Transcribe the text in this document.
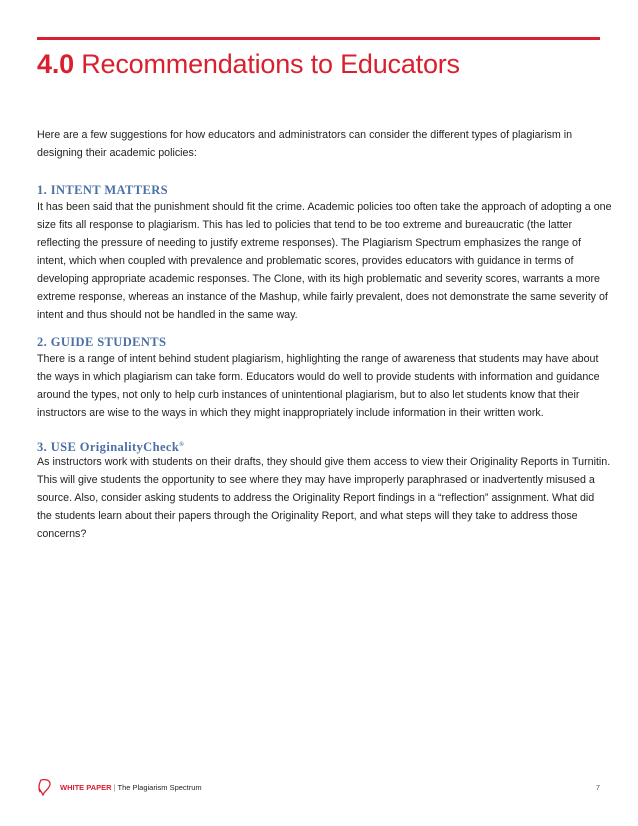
4.0 Recommendations to Educators

Here are a few suggestions for how educators and administrators can consider the different types of plagiarism in designing their academic policies:

1. INTENT MATTERS

It has been said that the punishment should fit the crime. Academic policies too often take the approach of adopting a one size fits all response to plagiarism. This has led to policies that tend to be too extreme and bureaucratic (the latter reflecting the pressure of needing to justify extreme responses). The Plagiarism Spectrum emphasizes the range of intent, which when coupled with prevalence and problematic scores, provides educators with guidance in terms of developing appropriate academic responses. The Clone, with its high problematic and severity scores, warrants a more extreme response, whereas an instance of the Mashup, while fairly prevalent, does not demonstrate the same severity of intent and thus should not be handled in the same way.

2. GUIDE STUDENTS

There is a range of intent behind student plagiarism, highlighting the range of awareness that students may have about the ways in which plagiarism can take form. Educators would do well to provide students with information and guidance around the types, not only to help curb instances of unintentional plagiarism, but to also let students know that their instructors are wise to the ways in which they might inappropriately include information in their written work.

3. USE OriginalityCheck®

As instructors work with students on their drafts, they should give them access to view their Originality Reports in Turnitin. This will give students the opportunity to see where they may have improperly paraphrased or inadvertently misused a source. Also, consider asking students to address the Originality Report findings in a “reflection” assignment. What did the students learn about their papers through the Originality Report, and what steps will they take to address those concerns?

WHITE PAPER | The Plagiarism Spectrum	7
